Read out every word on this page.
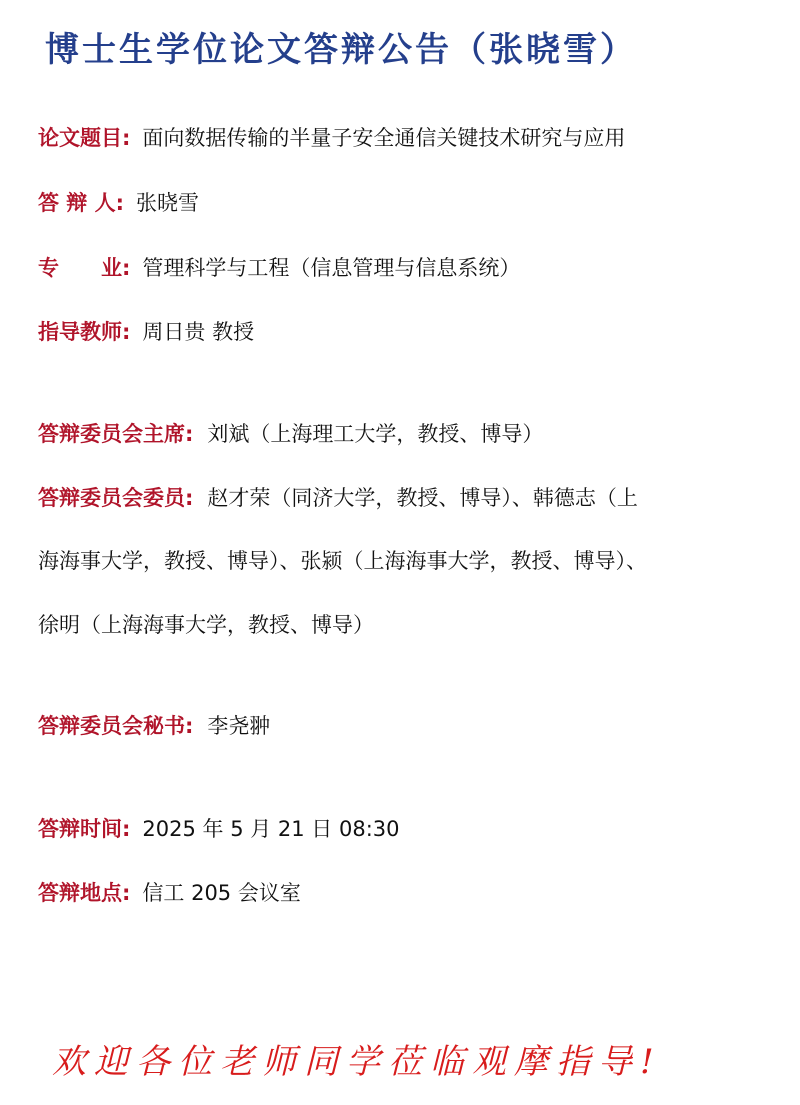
博士生学位论文答辩公告（张晓雪）
论文题目: 面向数据传输的半量子安全通信关键技术研究与应用
答 辩 人: 张晓雪
专　　业: 管理科学与工程（信息管理与信息系统）
指导教师: 周日贵 教授
答辩委员会主席: 刘斌（上海理工大学，教授、博导）
答辩委员会委员: 赵才荣（同济大学，教授、博导）、韩德志（上
海海事大学，教授、博导）、张颍（上海海事大学，教授、博导）、
徐明（上海海事大学，教授、博导）
答辩委员会秘书: 李尧翀
答辩时间: 2025 年 5 月 21 日 08:30
答辩地点: 信工 205 会议室
欢迎各位老师同学莅临观摩指导!
